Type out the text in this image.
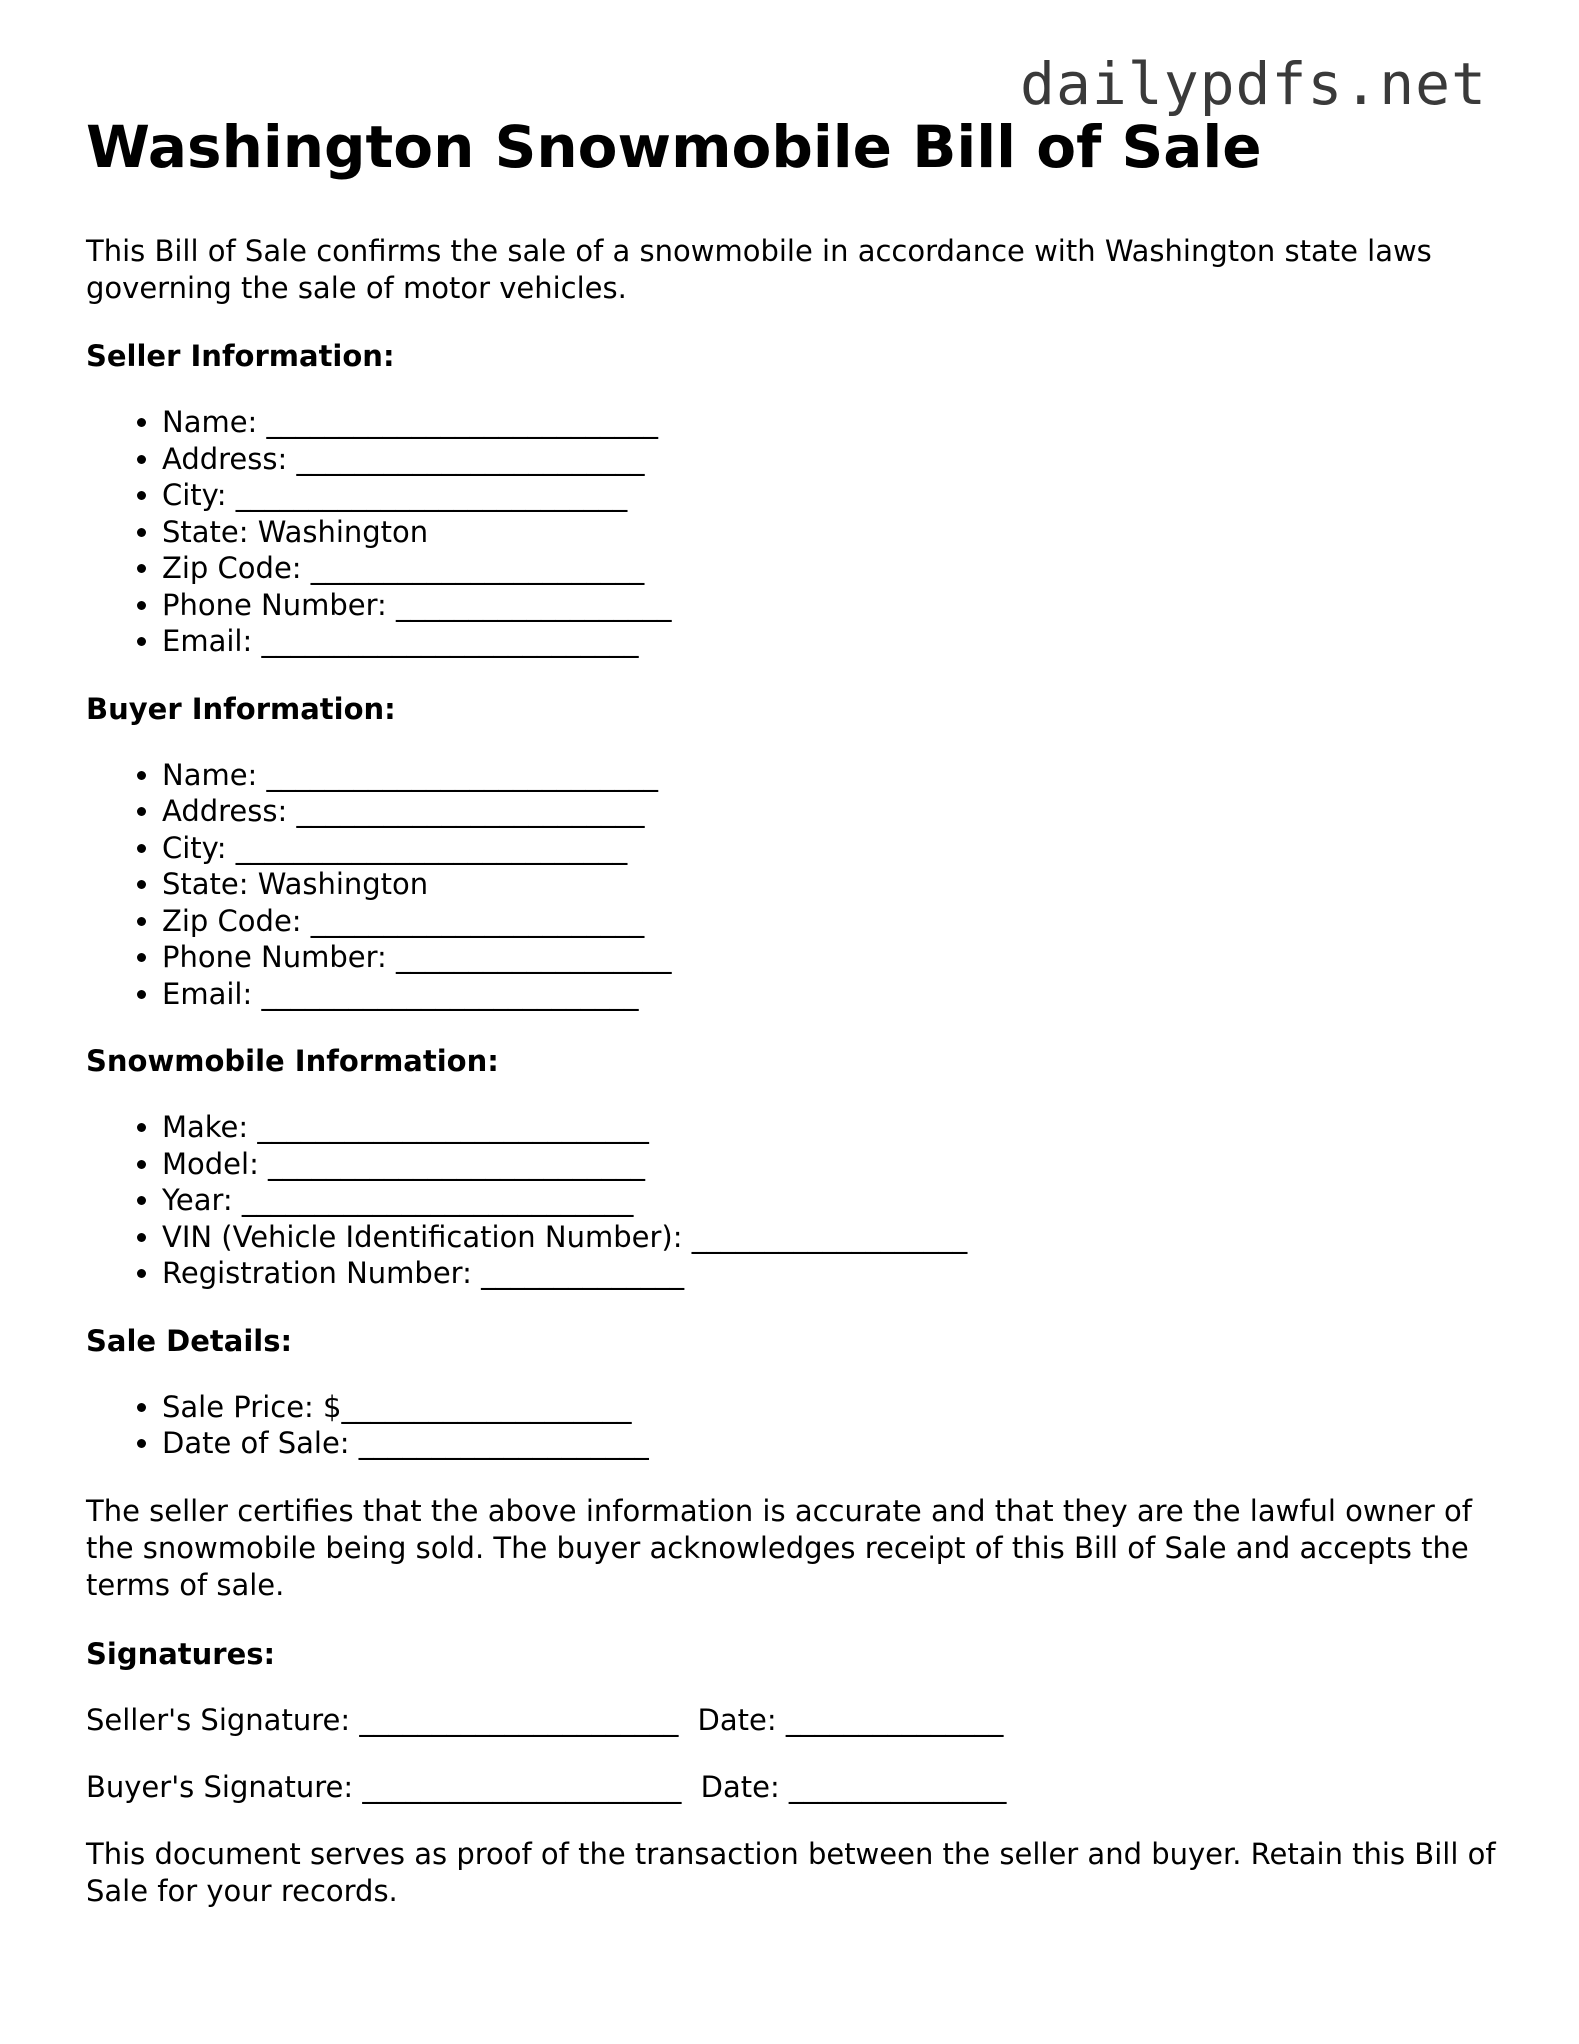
dailypdfs.net
Washington Snowmobile Bill of Sale

This Bill of Sale confirms the sale of a snowmobile in accordance with Washington state laws governing the sale of motor vehicles.

Seller Information:
• Name: ___________________________
• Address: ________________________
• City: ___________________________
• State: Washington
• Zip Code: _______________________
• Phone Number: ___________________
• Email: __________________________
Buyer Information:
• Name: ___________________________
• Address: ________________________
• City: ___________________________
• State: Washington
• Zip Code: _______________________
• Phone Number: ___________________
• Email: __________________________
Snowmobile Information:
• Make: ___________________________
• Model: __________________________
• Year: ___________________________
• VIN (Vehicle Identification Number): ___________________
• Registration Number: ______________
Sale Details:
• Sale Price: $____________________
• Date of Sale: ____________________

The seller certifies that the above information is accurate and that they are the lawful owner of the snowmobile being sold. The buyer acknowledges receipt of this Bill of Sale and accepts the terms of sale.

Signatures:
Seller's Signature: ______________________ Date: _______________
Buyer's Signature: ______________________ Date: _______________

This document serves as proof of the transaction between the seller and buyer. Retain this Bill of Sale for your records.
